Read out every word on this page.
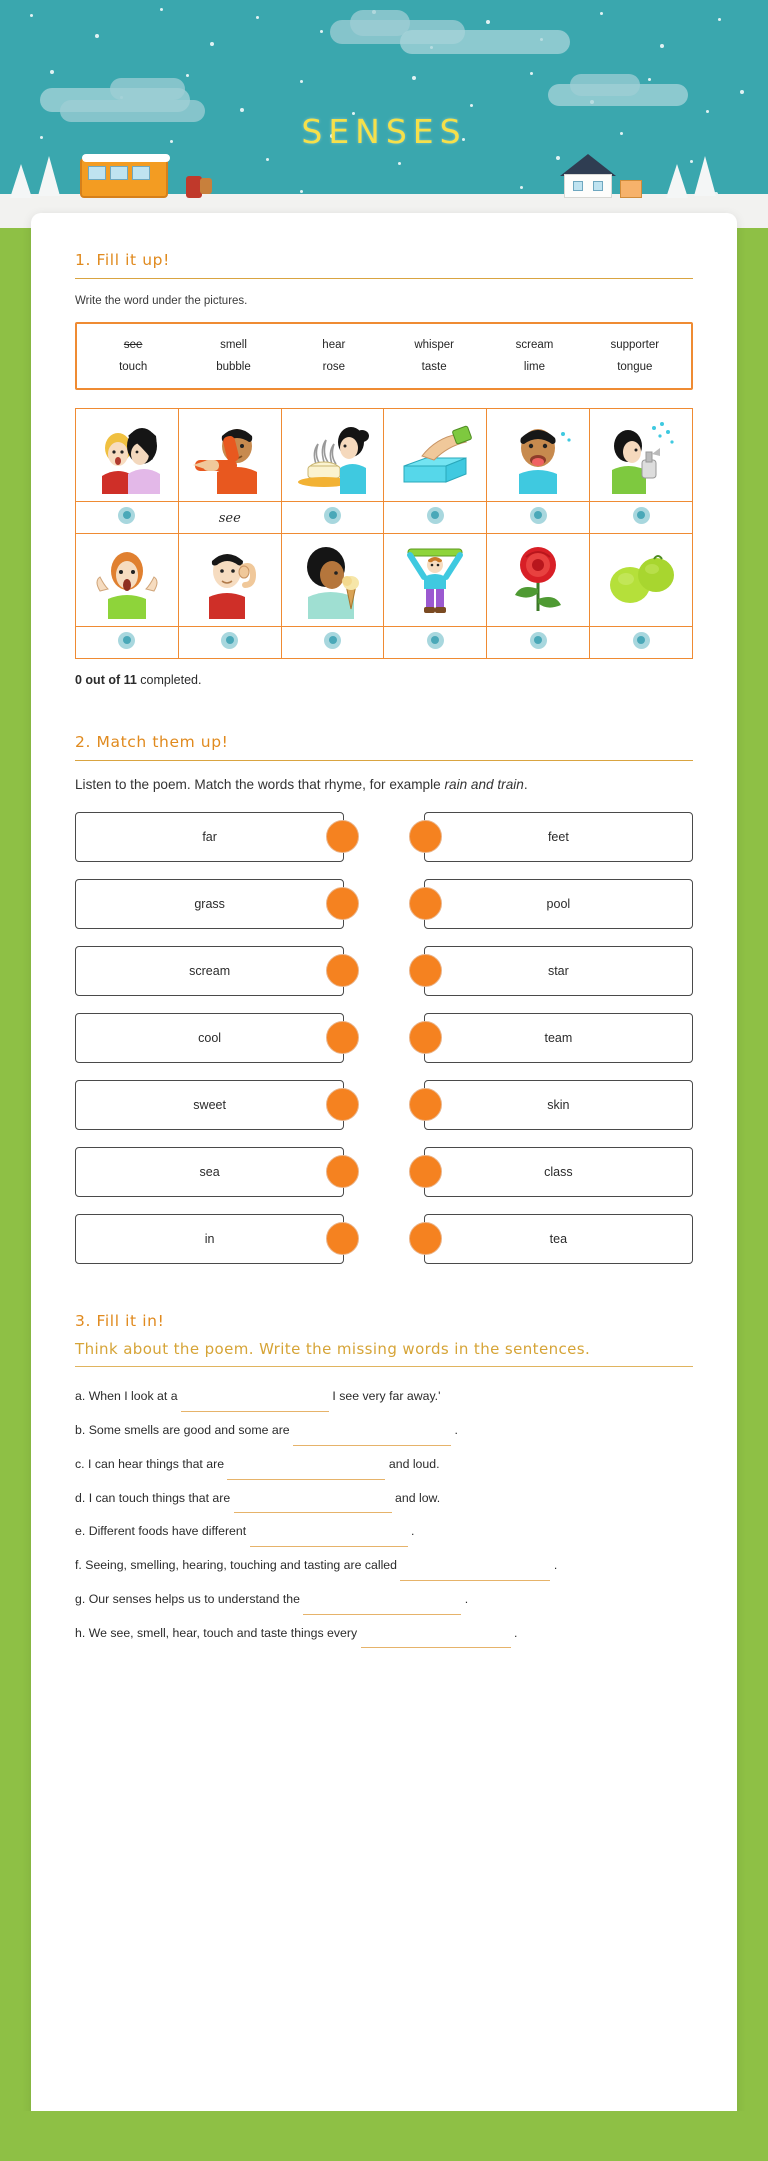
SENSES
1. Fill it up!
Write the word under the pictures.
see	smell	hear	whisper	scream	supporter
touch	bubble	rose	taste	lime	tongue

	see				

0 out of 11 completed.
2. Match them up!
Listen to the poem. Match the words that rhyme, for example rain and train.
far	feet
grass	pool
scream	star
cool	team
sweet	skin
sea	class
in	tea
3. Fill it in!
Think about the poem. Write the missing words in the sentences.
a. When I look at a	I see very far away.'
b. Some smells are good and some are	.
c. I can hear things that are	and loud.
d. I can touch things that are	and low.
e. Different foods have different	.
f. Seeing, smelling, hearing, touching and tasting are called	.
g. Our senses helps us to understand the	.
h. We see, smell, hear, touch and taste things every	.
